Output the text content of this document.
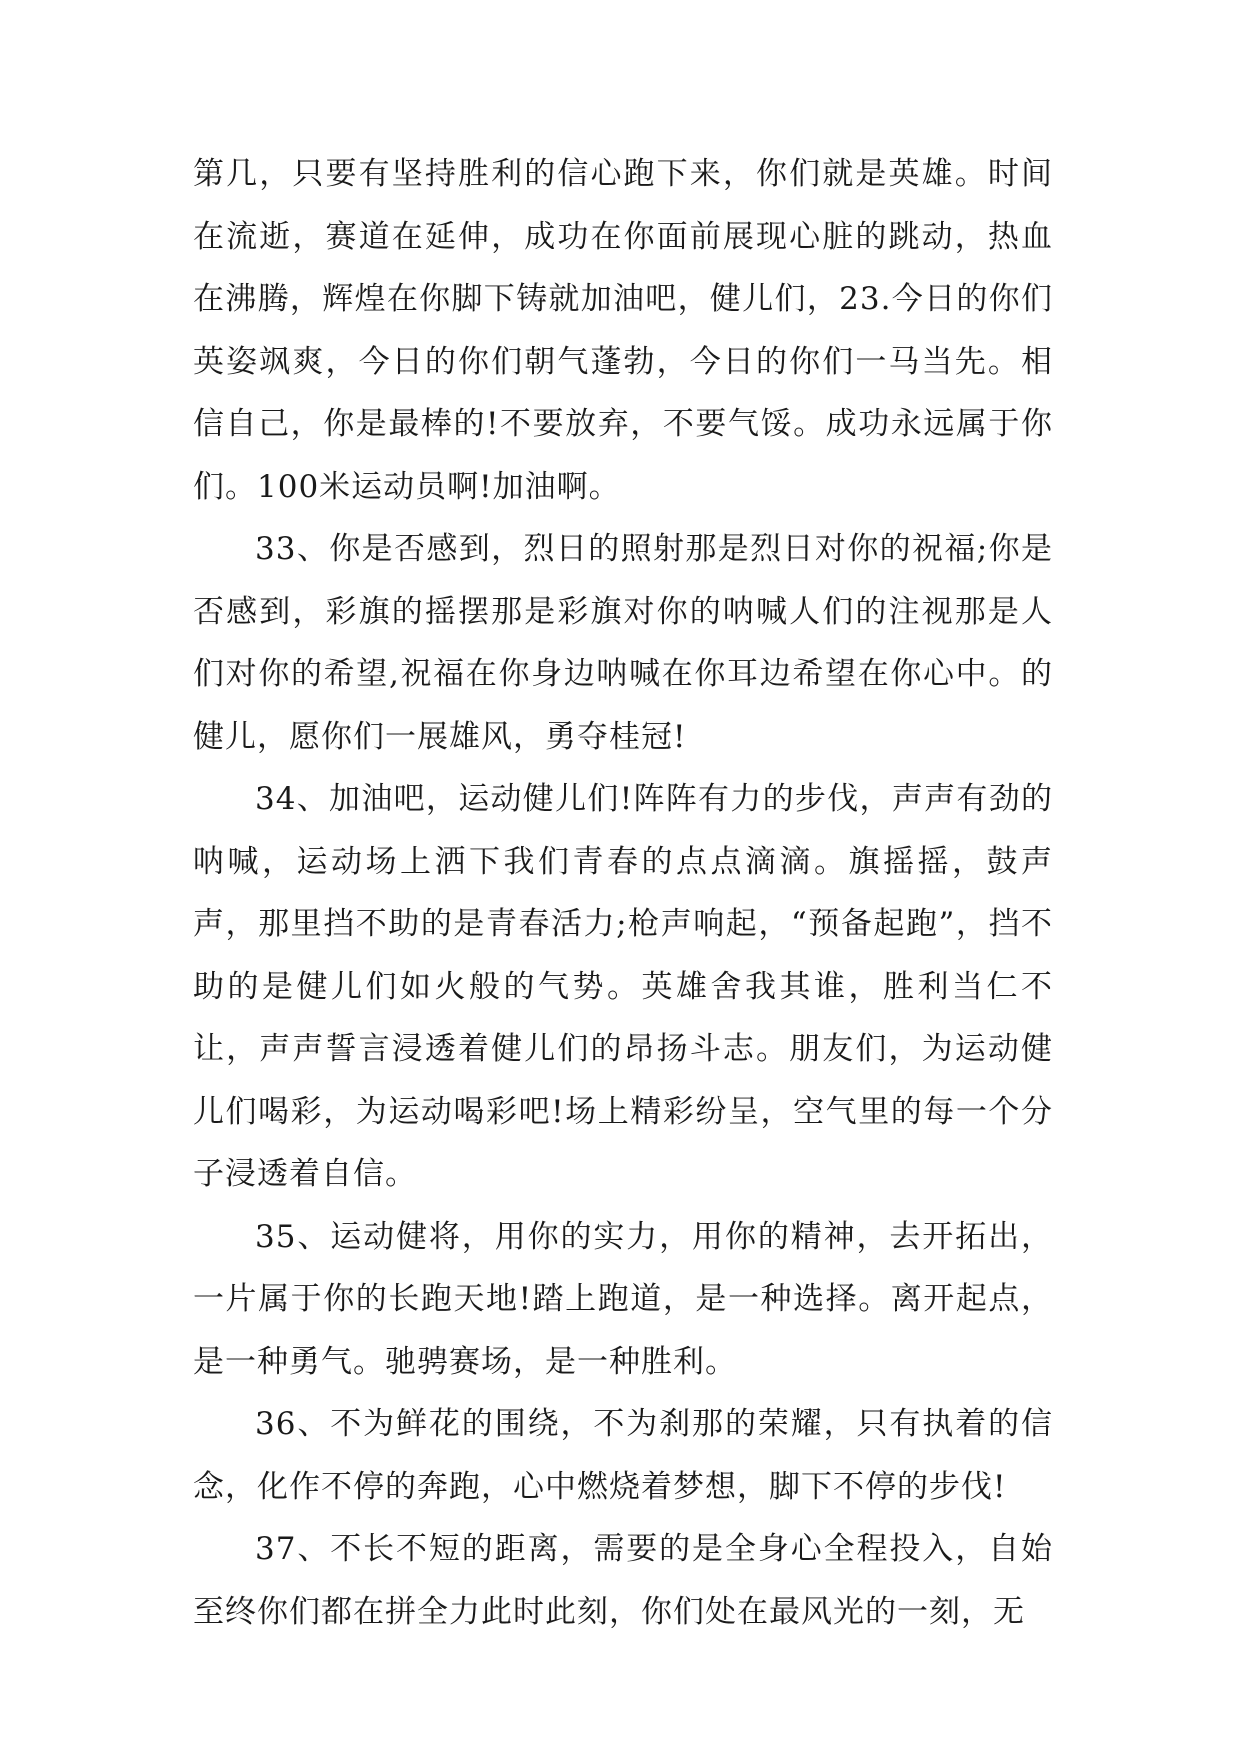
第几，只要有坚持胜利的信心跑下来，你们就是英雄。时间在流逝，赛道在延伸，成功在你面前展现心脏的跳动，热血在沸腾，辉煌在你脚下铸就加油吧，健儿们，23.今日的你们英姿飒爽，今日的你们朝气蓬勃，今日的你们一马当先。相信自己，你是最棒的!不要放弃，不要气馁。成功永远属于你们。100米运动员啊!加油啊。

33、你是否感到，烈日的照射那是烈日对你的祝福;你是否感到，彩旗的摇摆那是彩旗对你的呐喊人们的注视那是人们对你的希望,祝福在你身边呐喊在你耳边希望在你心中。的健儿，愿你们一展雄风，勇夺桂冠!

34、加油吧，运动健儿们!阵阵有力的步伐，声声有劲的呐喊，运动场上洒下我们青春的点点滴滴。旗摇摇，鼓声声，那里挡不助的是青春活力;枪声响起，“预备起跑”，挡不助的是健儿们如火般的气势。英雄舍我其谁，胜利当仁不让，声声誓言浸透着健儿们的昂扬斗志。朋友们，为运动健儿们喝彩，为运动喝彩吧!场上精彩纷呈，空气里的每一个分子浸透着自信。

35、运动健将，用你的实力，用你的精神，去开拓出，一片属于你的长跑天地!踏上跑道，是一种选择。离开起点，是一种勇气。驰骋赛场，是一种胜利。

36、不为鲜花的围绕，不为刹那的荣耀，只有执着的信念，化作不停的奔跑，心中燃烧着梦想，脚下不停的步伐!

37、不长不短的距离，需要的是全身心全程投入，自始至终你们都在拼全力此时此刻，你们处在最风光的一刻，无
